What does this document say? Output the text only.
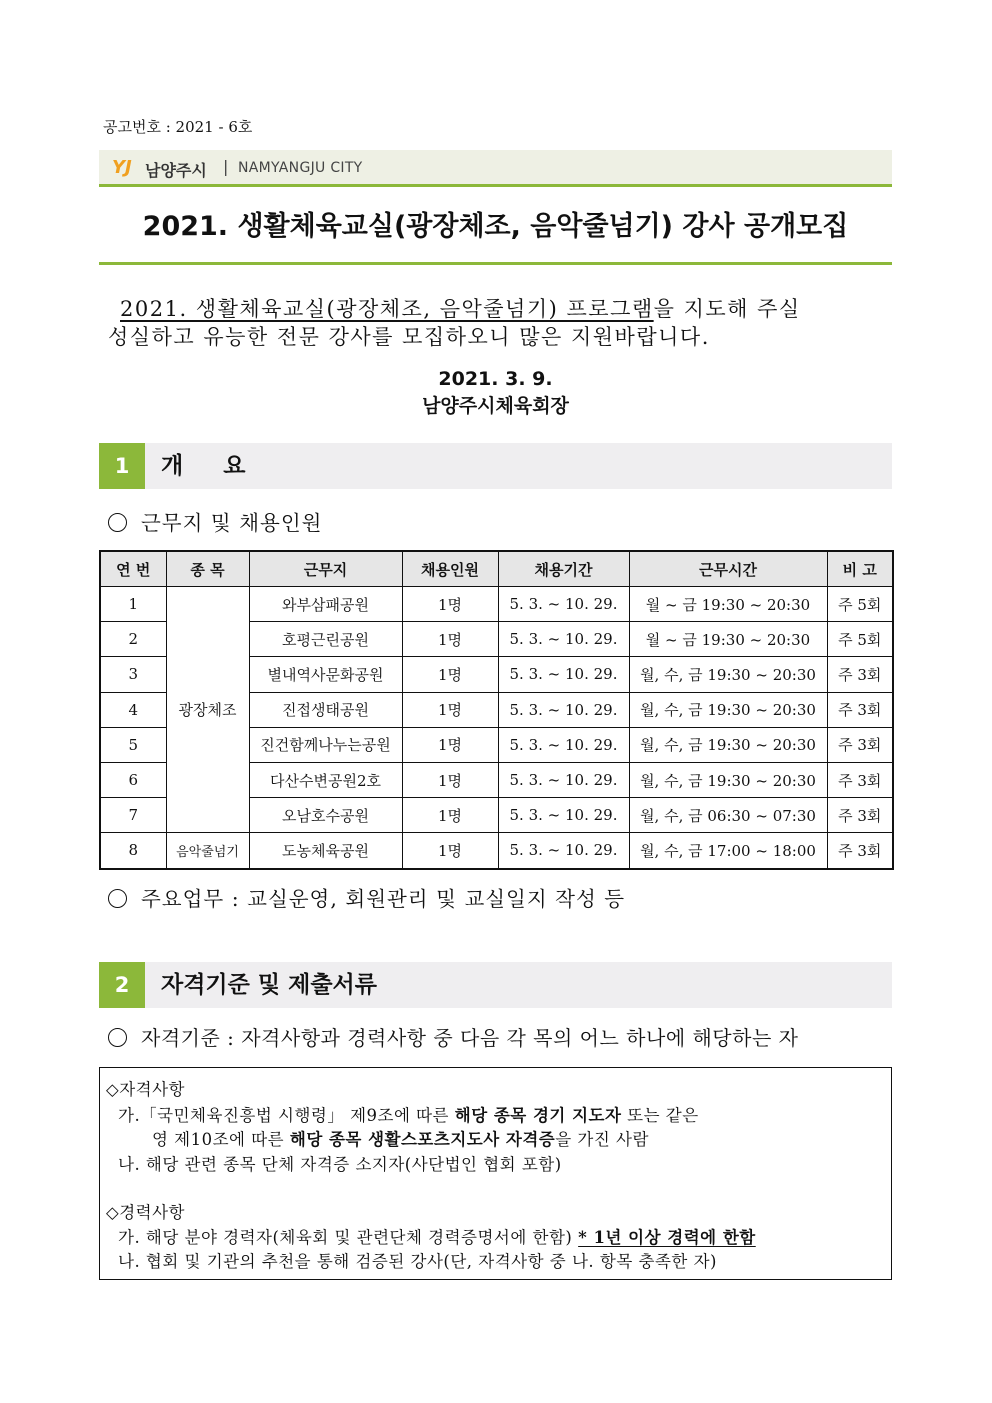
공고번호 : 2021 - 6호
YJ 남양주시 | NAMYANGJU CITY
2021. 생활체육교실(광장체조, 음악줄넘기) 강사 공개모집
2021. 생활체육교실(광장체조, 음악줄넘기) 프로그램을 지도해 주실
성실하고 유능한 전문 강사를 모집하오니 많은 지원바랍니다.
2021. 3. 9.
남양주시체육회장
1	개     요
근무지 및 채용인원
연 번	종 목	근무지	채용인원	채용기간	근무시간	비 고
1	광장체조	와부삼패공원	1명	5. 3. ~ 10. 29.	월 ~ 금 19:30 ~ 20:30	주 5회
2		호평근린공원	1명	5. 3. ~ 10. 29.	월 ~ 금 19:30 ~ 20:30	주 5회
3		별내역사문화공원	1명	5. 3. ~ 10. 29.	월, 수, 금 19:30 ~ 20:30	주 3회
4		진접생태공원	1명	5. 3. ~ 10. 29.	월, 수, 금 19:30 ~ 20:30	주 3회
5		진건함께나누는공원	1명	5. 3. ~ 10. 29.	월, 수, 금 19:30 ~ 20:30	주 3회
6		다산수변공원2호	1명	5. 3. ~ 10. 29.	월, 수, 금 19:30 ~ 20:30	주 3회
7		오남호수공원	1명	5. 3. ~ 10. 29.	월, 수, 금 06:30 ~ 07:30	주 3회
8	음악줄넘기	도농체육공원	1명	5. 3. ~ 10. 29.	월, 수, 금 17:00 ~ 18:00	주 3회
주요업무 : 교실운영, 회원관리 및 교실일지 작성 등
2	자격기준 및 제출서류
자격기준 : 자격사항과 경력사항 중 다음 각 목의 어느 하나에 해당하는 자
◇자격사항
가.「국민체육진흥법 시행령」 제9조에 따른 해당 종목 경기 지도자 또는 같은
영 제10조에 따른 해당 종목 생활스포츠지도사 자격증을 가진 사람
나. 해당 관련 종목 단체 자격증 소지자(사단법인 협회 포함)
◇경력사항
가. 해당 분야 경력자(체육회 및 관련단체 경력증명서에 한함) * 1년 이상 경력에 한함
나. 협회 및 기관의 추천을 통해 검증된 강사(단, 자격사항 중 나. 항목 충족한 자)
